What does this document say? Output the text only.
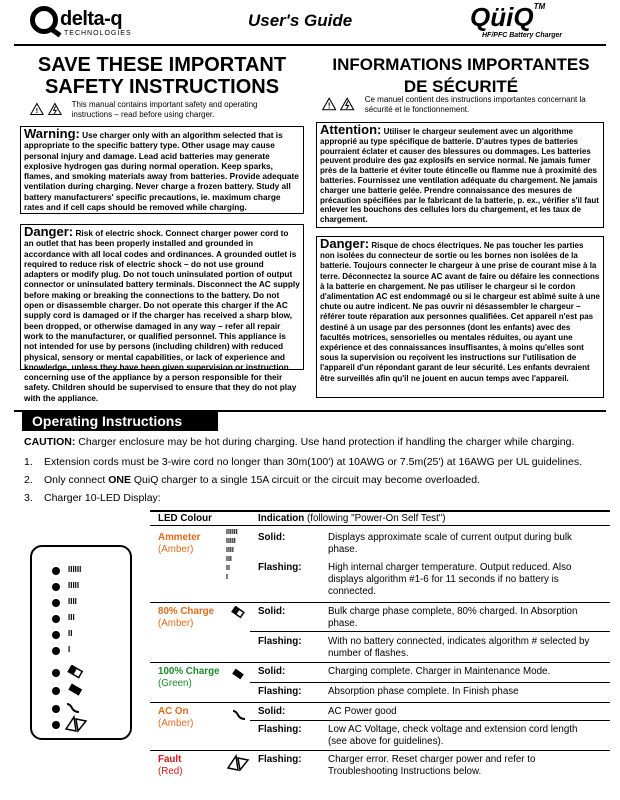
delta-q
TECHNOLOGIES
User's Guide	QüiQ™
HF/PFC Battery Charger
SAVE THESE IMPORTANT
SAFETY INSTRUCTIONS
!
This manual contains important safety and operating instructions – read before using charger.
Warning: Use charger only with an algorithm selected that is appropriate to the specific battery type. Other usage may cause personal injury and damage. Lead acid batteries may generate explosive hydrogen gas during normal operation. Keep sparks, flames, and smoking materials away from batteries. Provide adequate ventilation during charging. Never charge a frozen battery. Study all battery manufacturers' specific precautions, ie. maximum charge rates and if cell caps should be removed while charging.
Danger: Risk of electric shock. Connect charger power cord to an outlet that has been properly installed and grounded in accordance with all local codes and ordinances. A grounded outlet is required to reduce risk of electric shock – do not use ground adapters or modify plug. Do not touch uninsulated portion of output connector or uninsulated battery terminals. Disconnect the AC supply before making or breaking the connections to the battery. Do not open or disassemble charger. Do not operate this charger if the AC supply cord is damaged or if the charger has received a sharp blow, been dropped, or otherwise damaged in any way – refer all repair work to the manufacturer, or qualified personnel. This appliance is not intended for use by persons (including children) with reduced physical, sensory or mental capabilities, or lack of experience and knowledge, unless they have been given supervision or instruction concerning use of the appliance by a person responsible for their safety. Children should be supervised to ensure that they do not play with the appliance.
INFORMATIONS IMPORTANTES
DE SÉCURITÉ
!
Ce manuel contient des instructions importantes concernant la sécurité et le fonctionnement.
Attention: Utiliser le chargeur seulement avec un algorithme approprié au type spécifique de batterie. D'autres types de batteries pourraient éclater et causer des blessures ou dommages. Les batteries peuvent produire des gaz explosifs en service normal. Ne jamais fumer près de la batterie et éviter toute étincelle ou flamme nue à proximité des batteries. Fournissez une ventilation adéquate du chargement. Ne jamais charger une batterie gelée. Prendre connaissance des mesures de précaution spécifiées par le fabricant de la batterie, p. ex., vérifier s'il faut enlever les bouchons des cellules lors du chargement, et les taux de chargement.
Danger: Risque de chocs électriques. Ne pas toucher les parties non isolées du connecteur de sortie ou les bornes non isolées de la batterie. Toujours connecter le chargeur à une prise de courant mise à la terre. Déconnectez la source AC avant de faire ou défaire les connections à la batterie en chargement. Ne pas utiliser le chargeur si le cordon d'alimentation AC est endommagé ou si le chargeur est abîmé suite à une chute ou autre indicent. Ne pas ouvrir ni désassembler le chargeur – référer toute réparation aux personnes qualifiées. Cet appareil n'est pas destiné à un usage par des personnes (dont les enfants) avec des facultés motrices, sensorielles ou mentales réduites, ou ayant une expérience et des connaissances insuffisantes, à moins qu'elles sont sous la supervision ou reçoivent les instructions sur l'utilisation de l'appareil d'un répondant garant de leur sécurité. Les enfants devraient être surveillés afin qu'il ne jouent en aucun temps avec l'appareil.
Operating Instructions
CAUTION: Charger enclosure may be hot during charging. Use hand protection if handling the charger while charging.
1. Extension cords must be 3-wire cord no longer than 30m(100') at 10AWG or 7.5m(25') at 16AWG per UL guidelines.
2. Only connect ONE QuiQ charger to a single 15A circuit or the circuit may become overloaded.
3. Charger 10-LED Display:
IIIIII
IIIII
IIII
III
II
I
LED Colour	Indication (following "Power-On Self Test")
Ammeter
(Amber)
IIIIII
IIIII
IIII
III
II
I
Solid:	Displays approximate scale of current output during bulk phase.
Flashing:	High internal charger temperature. Output reduced. Also displays algorithm #1-6 for 11 seconds if no battery is connected.
80% Charge
(Amber)
Solid:	Bulk charge phase complete, 80% charged. In Absorption phase.
Flashing:	With no battery connected, indicates algorithm # selected by number of flashes.
100% Charge
(Green)
Solid:	Charging complete. Charger in Maintenance Mode.
Flashing:	Absorption phase complete. In Finish phase
AC On
(Amber)
Solid:	AC Power good
Flashing:	Low AC Voltage, check voltage and extension cord length (see above for guidelines).
Fault
(Red)
Flashing:	Charger error. Reset charger power and refer to Troubleshooting Instructions below.
